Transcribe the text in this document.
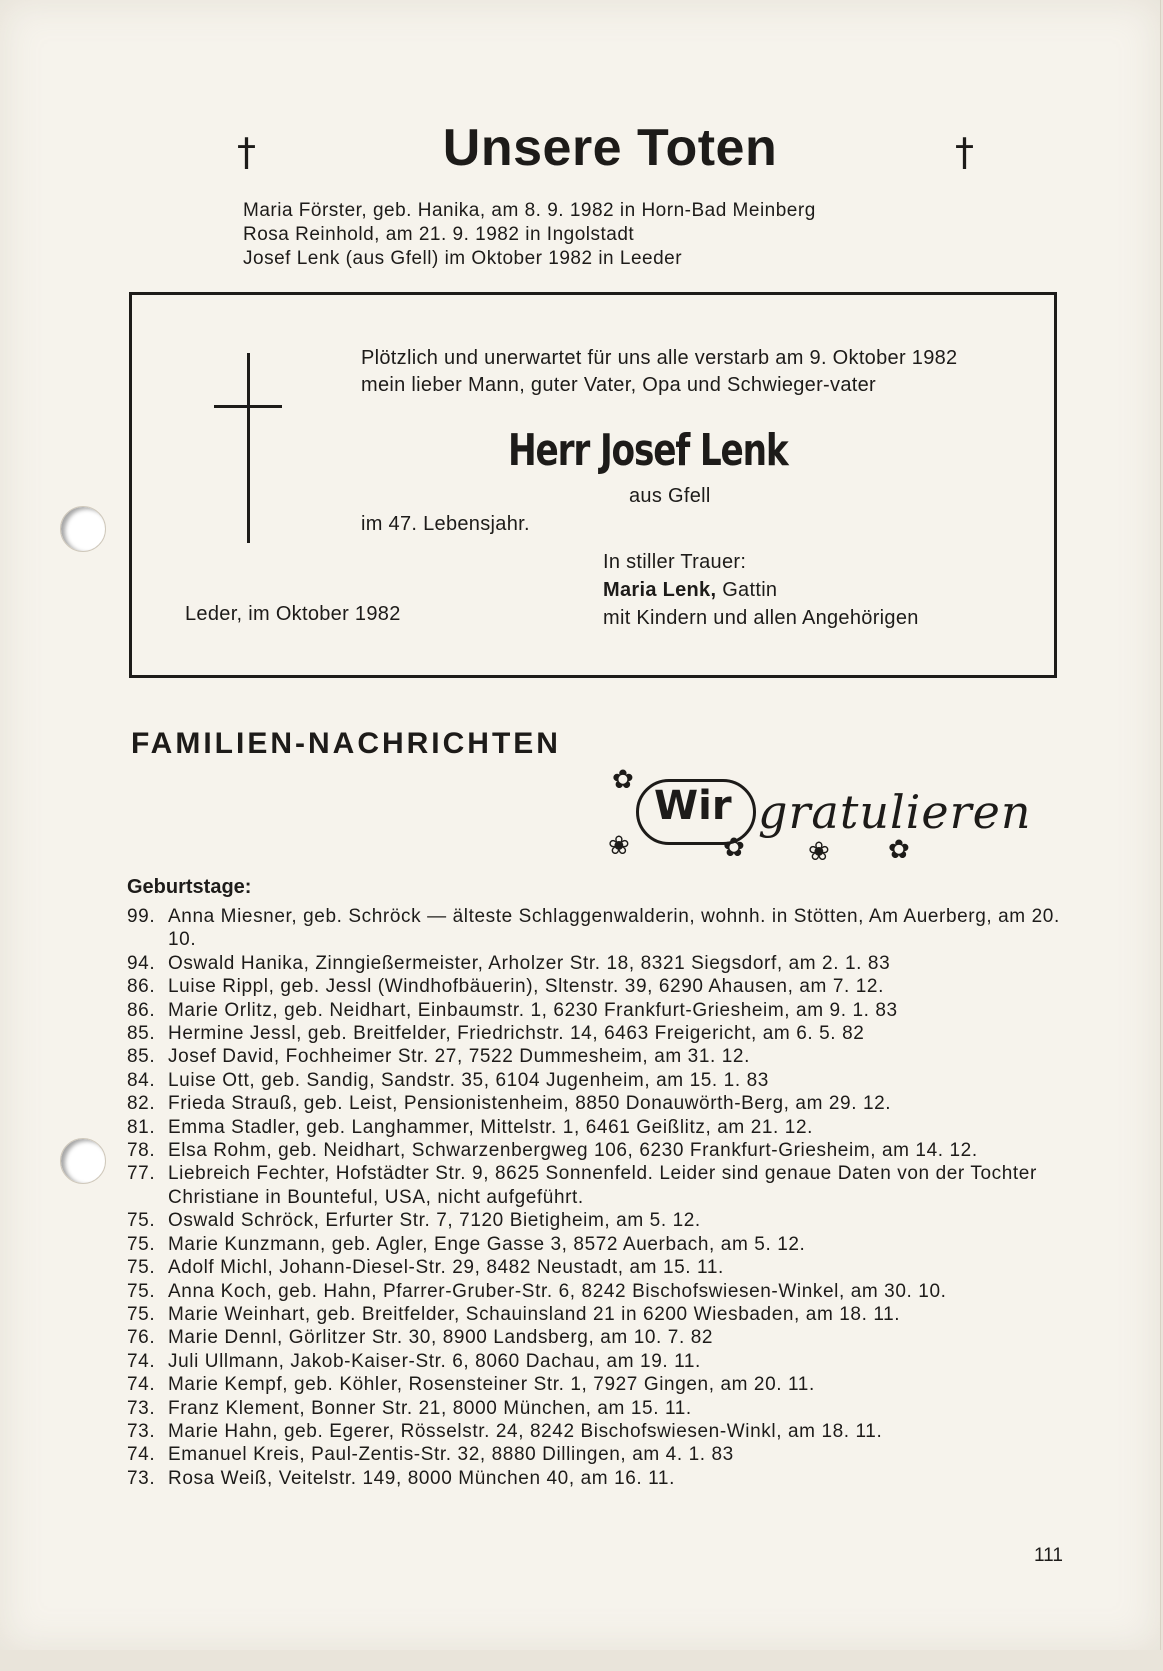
†	Unsere Toten	†
Maria Förster, geb. Hanika, am 8. 9. 1982 in Horn-Bad Meinberg
Rosa Reinhold, am 21. 9. 1982 in Ingolstadt
Josef Lenk (aus Gfell) im Oktober 1982 in Leeder
Plötzlich und unerwartet für uns alle verstarb am 9. Oktober 1982 mein lieber Mann, guter Vater, Opa und Schwieger-vater
Herr Josef Lenk
aus Gfell
im 47. Lebensjahr.
In stiller Trauer:
Maria Lenk, Gattin
mit Kindern und allen Angehörigen
Leder, im Oktober 1982
FAMILIEN-NACHRICHTEN
✿
❀
Wir gratulieren
✿ ❀ ✿
Geburtstage:
99. Anna Miesner, geb. Schröck — älteste Schlaggenwalderin, wohnh. in Stötten, Am Auerberg, am 20. 10.
94. Oswald Hanika, Zinngießermeister, Arholzer Str. 18, 8321 Siegsdorf, am 2. 1. 83
86. Luise Rippl, geb. Jessl (Windhofbäuerin), Sltenstr. 39, 6290 Ahausen, am 7. 12.
86. Marie Orlitz, geb. Neidhart, Einbaumstr. 1, 6230 Frankfurt-Griesheim, am 9. 1. 83
85. Hermine Jessl, geb. Breitfelder, Friedrichstr. 14, 6463 Freigericht, am 6. 5. 82
85. Josef David, Fochheimer Str. 27, 7522 Dummesheim, am 31. 12.
84. Luise Ott, geb. Sandig, Sandstr. 35, 6104 Jugenheim, am 15. 1. 83
82. Frieda Strauß, geb. Leist, Pensionistenheim, 8850 Donauwörth-Berg, am 29. 12.
81. Emma Stadler, geb. Langhammer, Mittelstr. 1, 6461 Geißlitz, am 21. 12.
78. Elsa Rohm, geb. Neidhart, Schwarzenbergweg 106, 6230 Frankfurt-Griesheim, am 14. 12.
77. Liebreich Fechter, Hofstädter Str. 9, 8625 Sonnenfeld. Leider sind genaue Daten von der Tochter Christiane in Bounteful, USA, nicht aufgeführt.
75. Oswald Schröck, Erfurter Str. 7, 7120 Bietigheim, am 5. 12.
75. Marie Kunzmann, geb. Agler, Enge Gasse 3, 8572 Auerbach, am 5. 12.
75. Adolf Michl, Johann-Diesel-Str. 29, 8482 Neustadt, am 15. 11.
75. Anna Koch, geb. Hahn, Pfarrer-Gruber-Str. 6, 8242 Bischofswiesen-Winkel, am 30. 10.
75. Marie Weinhart, geb. Breitfelder, Schauinsland 21 in 6200 Wiesbaden, am 18. 11.
76. Marie Dennl, Görlitzer Str. 30, 8900 Landsberg, am 10. 7. 82
74. Juli Ullmann, Jakob-Kaiser-Str. 6, 8060 Dachau, am 19. 11.
74. Marie Kempf, geb. Köhler, Rosensteiner Str. 1, 7927 Gingen, am 20. 11.
73. Franz Klement, Bonner Str. 21, 8000 München, am 15. 11.
73. Marie Hahn, geb. Egerer, Rösselstr. 24, 8242 Bischofswiesen-Winkl, am 18. 11.
74. Emanuel Kreis, Paul-Zentis-Str. 32, 8880 Dillingen, am 4. 1. 83
73. Rosa Weiß, Veitelstr. 149, 8000 München 40, am 16. 11.
111
